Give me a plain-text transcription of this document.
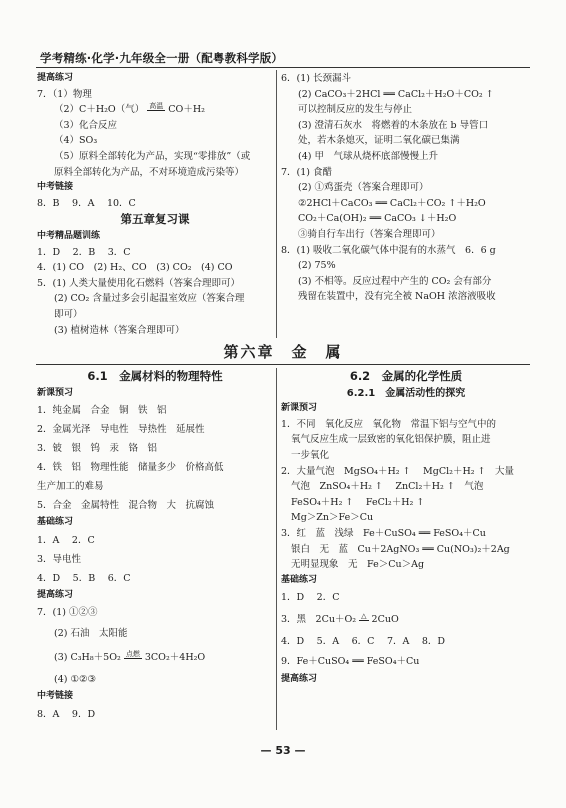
学考精练·化学·九年级全一册（配粤教科学版）
提高练习
7．（1）物理
（2）C＋H₂O（气） 高温 CO＋H₂
（3）化合反应
（4）SO₃
（5）原料全部转化为产品，实现“零排放”（或
原料全部转化为产品，不对环境造成污染等）
中考链接
8．B　 9．A　 10．C
第五章复习课
中考精品题训练
1．D　 2．B　 3．C
4．(1) CO　(2) H₂、CO　(3) CO₂　(4) CO
5．(1) 人类大量使用化石燃料（答案合理即可）
(2) CO₂ 含量过多会引起温室效应（答案合理
即可）
(3) 植树造林（答案合理即可）
6．(1) 长颈漏斗
(2) CaCO₃＋2HCl ══ CaCl₂＋H₂O＋CO₂ ↑
可以控制反应的发生与停止
(3) 澄清石灰水　将燃着的木条放在 b 导管口
处，若木条熄灭，证明二氧化碳已集满
(4) 甲　气球从烧杯底部慢慢上升
7．(1) 食醋
(2) ①鸡蛋壳（答案合理即可）
②2HCl＋CaCO₃ ══ CaCl₂＋CO₂ ↑＋H₂O
CO₂＋Ca(OH)₂ ══ CaCO₃ ↓＋H₂O
③骑自行车出行（答案合理即可）
8．(1) 吸收二氧化碳气体中混有的水蒸气　6．6 g
(2) 75%
(3) 不相等。反应过程中产生的 CO₂ 会有部分
残留在装置中，没有完全被 NaOH 浓溶液吸收
第六章　金　属
6.1　金属材料的物理特性
新课预习
1．纯金属　合金　铜　铁　铝
2．金属光泽　导电性　导热性　延展性
3．铍　银　钨　汞　铬　铝
4．铁　铝　物理性能　储量多少　价格高低
生产加工的难易
5．合金　金属特性　混合物　大　抗腐蚀
基础练习
1．A　 2．C
3．导电性
4．D　 5．B　 6．C
提高练习
7．(1) ①②③
(2) 石油　太阳能
(3) C₃H₈＋5O₂ 点燃 3CO₂＋4H₂O
(4) ①②③
中考链接
8．A　 9．D
6.2　金属的化学性质
6.2.1　金属活动性的探究
新课预习
1．不同　氧化反应　氧化物　常温下铝与空气中的
氧气反应生成一层致密的氧化铝保护膜，阻止进
一步氧化
2．大量气泡　MgSO₄＋H₂ ↑　 MgCl₂＋H₂ ↑　大量
气泡　ZnSO₄＋H₂ ↑　 ZnCl₂＋H₂ ↑　气泡
FeSO₄＋H₂ ↑　 FeCl₂＋H₂ ↑
Mg＞Zn＞Fe＞Cu
3．红　蓝　浅绿　Fe＋CuSO₄ ══ FeSO₄＋Cu
银白　无　蓝　Cu＋2AgNO₃ ══ Cu(NO₃)₂＋2Ag
无明显现象　无　Fe＞Cu＞Ag
基础练习
1．D　 2．C
3．黑　2Cu＋O₂ △ 2CuO
4．D　 5．A　 6．C　 7．A　 8．D
9．Fe＋CuSO₄ ══ FeSO₄＋Cu
提高练习
— 53 —
